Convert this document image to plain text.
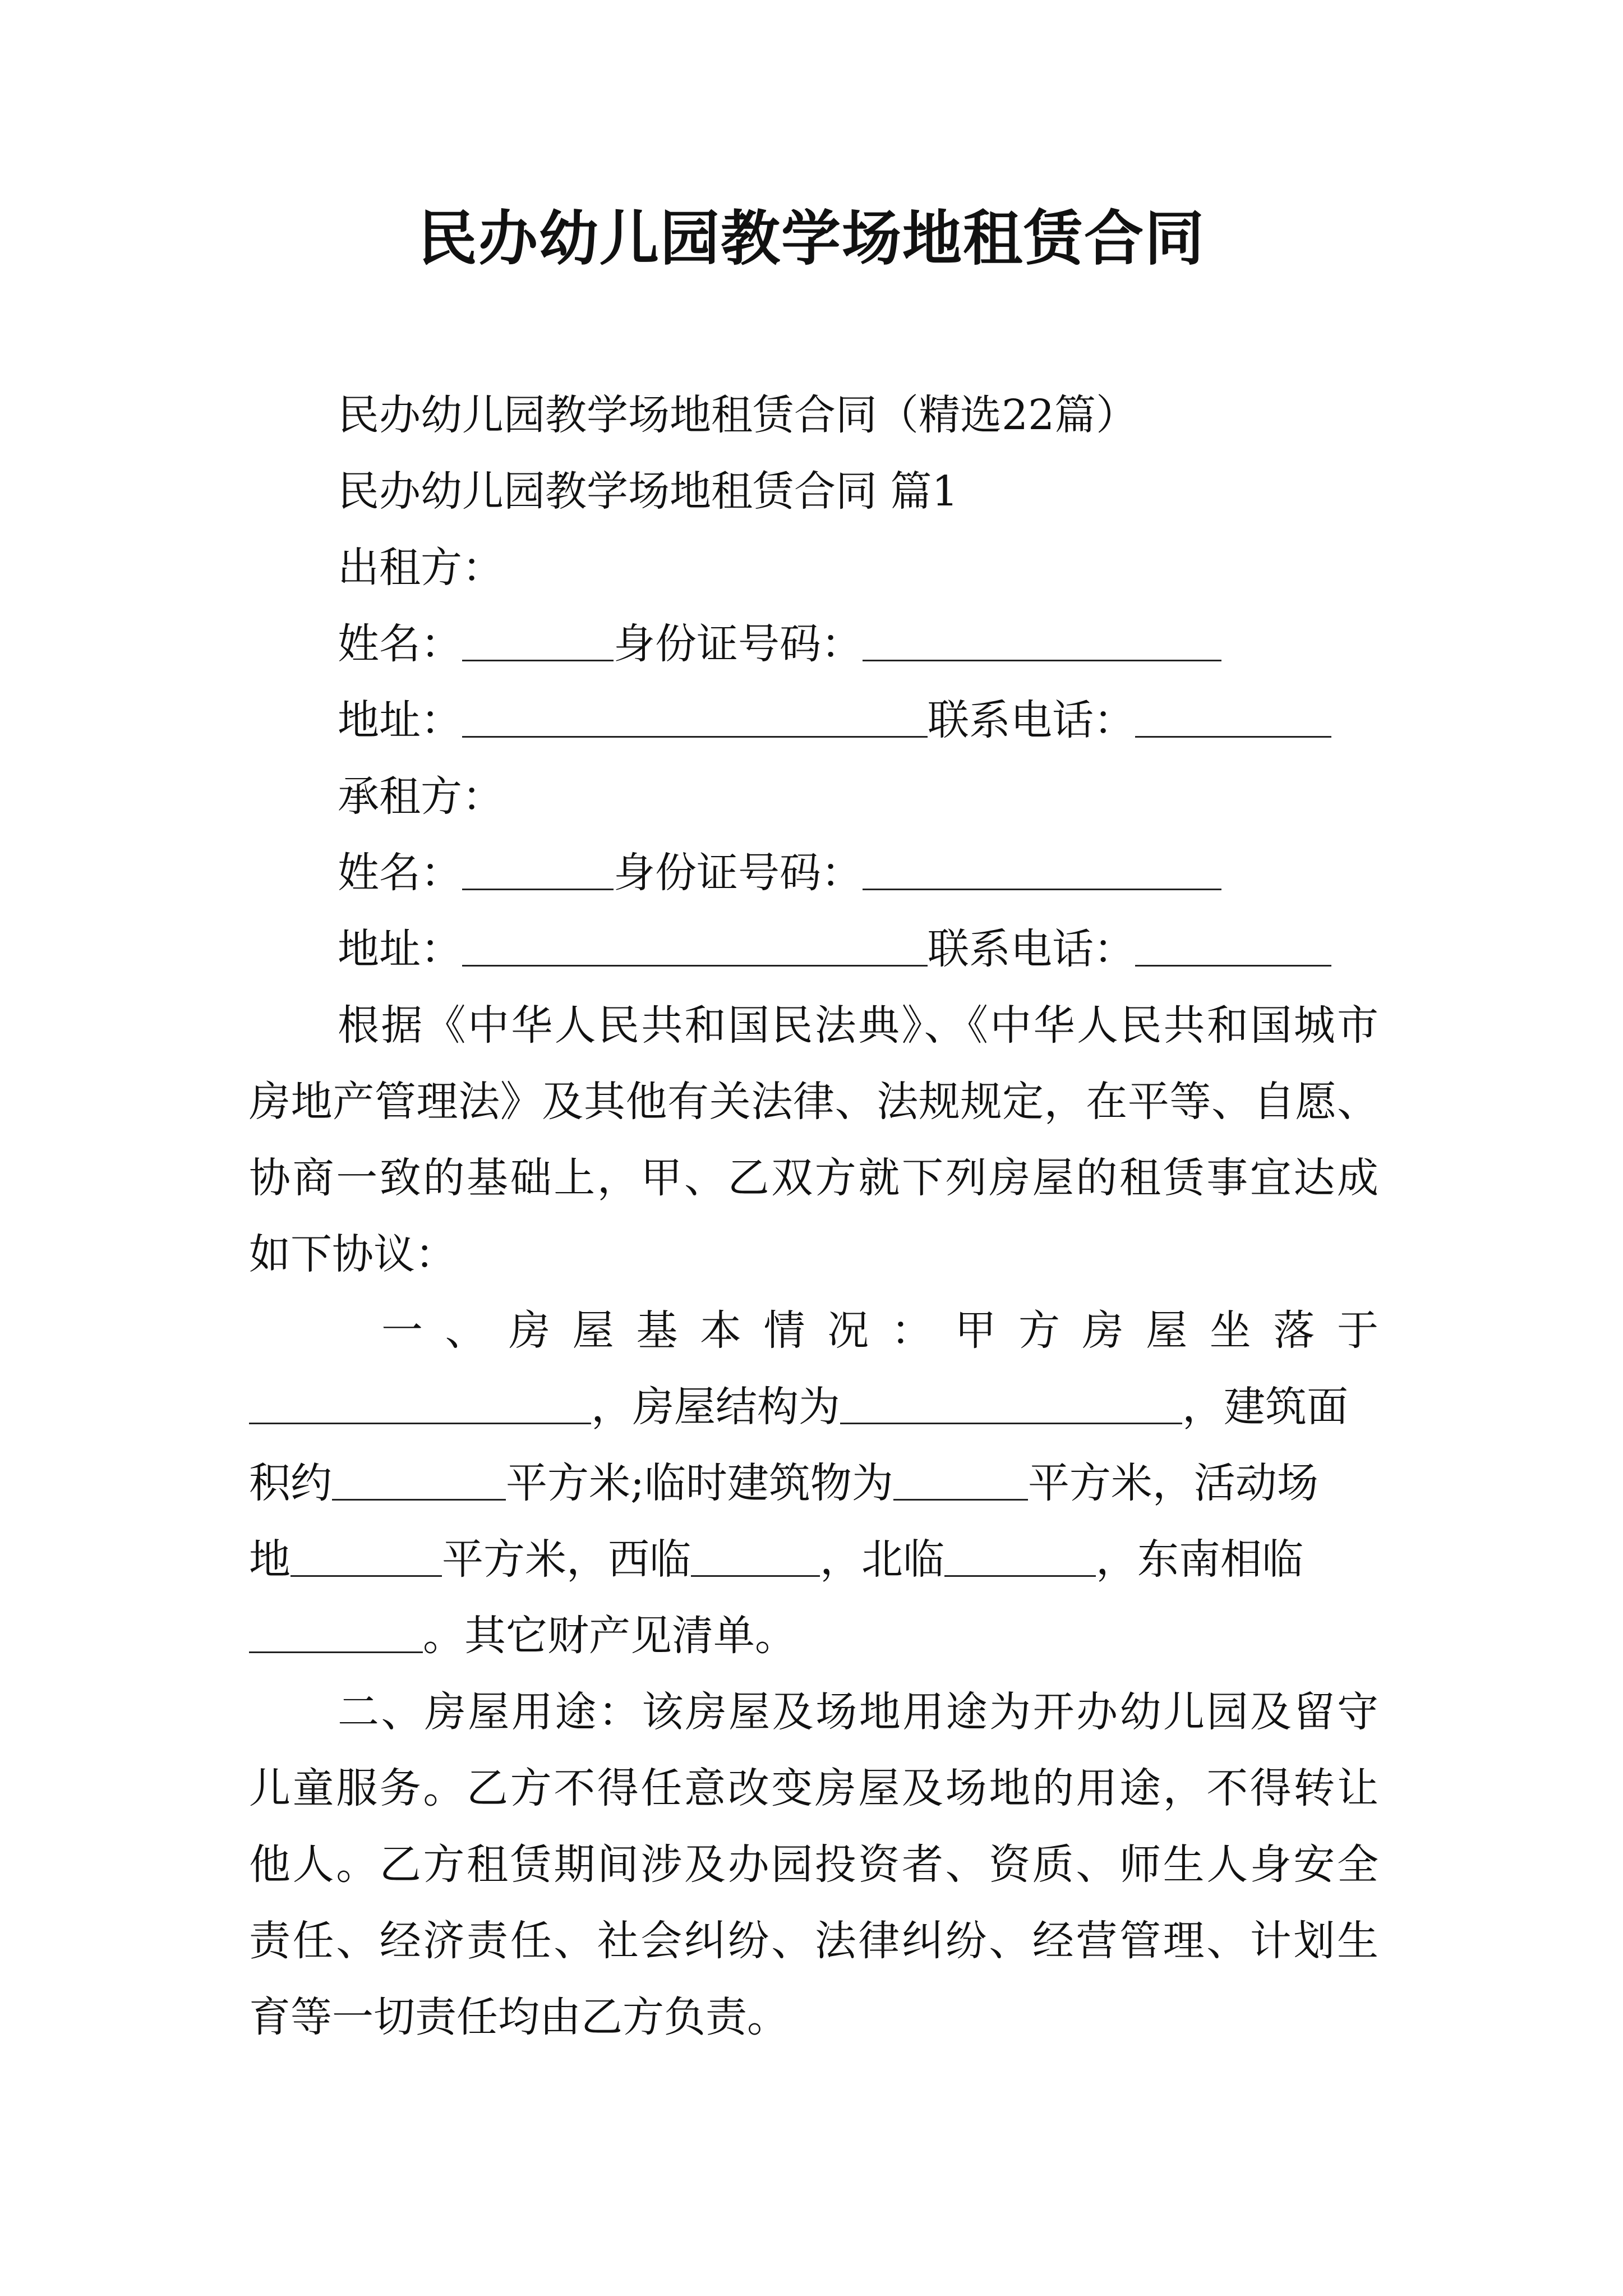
民办幼儿园教学场地租赁合同
民办幼儿园教学场地租赁合同（精选22篇）
民办幼儿园教学场地租赁合同 篇1
出租方：
姓名：	身份证号码：
地址：	联系电话：
承租方：
姓名：	身份证号码：
地址：	联系电话：
根据《中华人民共和国民法典》、《中华人民共和国城市
房地产管理法》及其他有关法律、法规规定，在平等、自愿、
协商一致的基础上，甲、乙双方就下列房屋的租赁事宜达成
如下协议：
一、房屋基本情况：甲方房屋坐落于
，房屋结构为	，建筑面
积约	平方米;临时建筑物为	平方米，活动场
地	平方米，西临	，北临	，东南相临
。其它财产见清单。
二、房屋用途：该房屋及场地用途为开办幼儿园及留守
儿童服务。乙方不得任意改变房屋及场地的用途，不得转让
他人。乙方租赁期间涉及办园投资者、资质、师生人身安全
责任、经济责任、社会纠纷、法律纠纷、经营管理、计划生
育等一切责任均由乙方负责。
